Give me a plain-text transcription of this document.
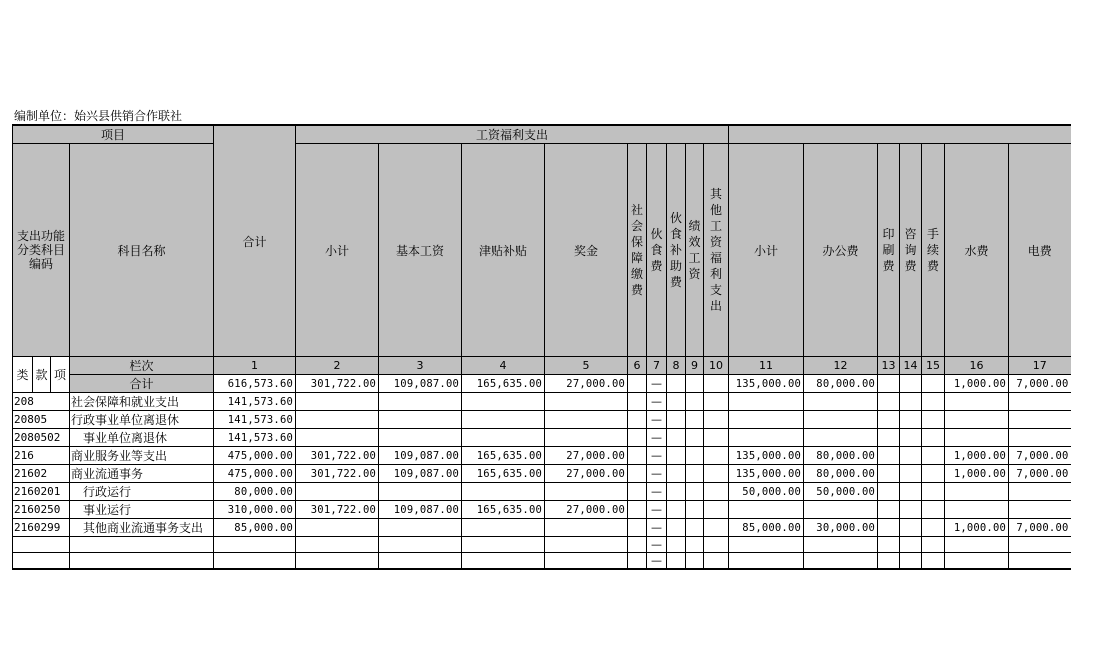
编制单位：始兴县供销合作联社
项目				合计	工资福利支出															
支出功能分类科目编码			科目名称		小计	基本工资	津贴补贴	奖金	社会保障缴费	伙食费	伙食补助费	绩效工资	其他工资福利支出	小计	办公费	印刷费	咨询费	手续费	水费	电费
类	款	项	栏次	1	2	3	4	5	6	7	8	9	10	11	12	13	14	15	16	17
			合计	616,573.60	301,722.00	109,087.00	165,635.00	27,000.00		—				135,000.00	80,000.00				1,000.00	7,000.00
208			社会保障和就业支出	141,573.60						—										
20805			行政事业单位离退休	141,573.60						—										
2080502			事业单位离退休	141,573.60						—										
216			商业服务业等支出	475,000.00	301,722.00	109,087.00	165,635.00	27,000.00		—				135,000.00	80,000.00				1,000.00	7,000.00
21602			商业流通事务	475,000.00	301,722.00	109,087.00	165,635.00	27,000.00		—				135,000.00	80,000.00				1,000.00	7,000.00
2160201			行政运行	80,000.00						—				50,000.00	50,000.00					
2160250			事业运行	310,000.00	301,722.00	109,087.00	165,635.00	27,000.00		—										
2160299			其他商业流通事务支出	85,000.00						—				85,000.00	30,000.00				1,000.00	7,000.00
										—										
										—										
